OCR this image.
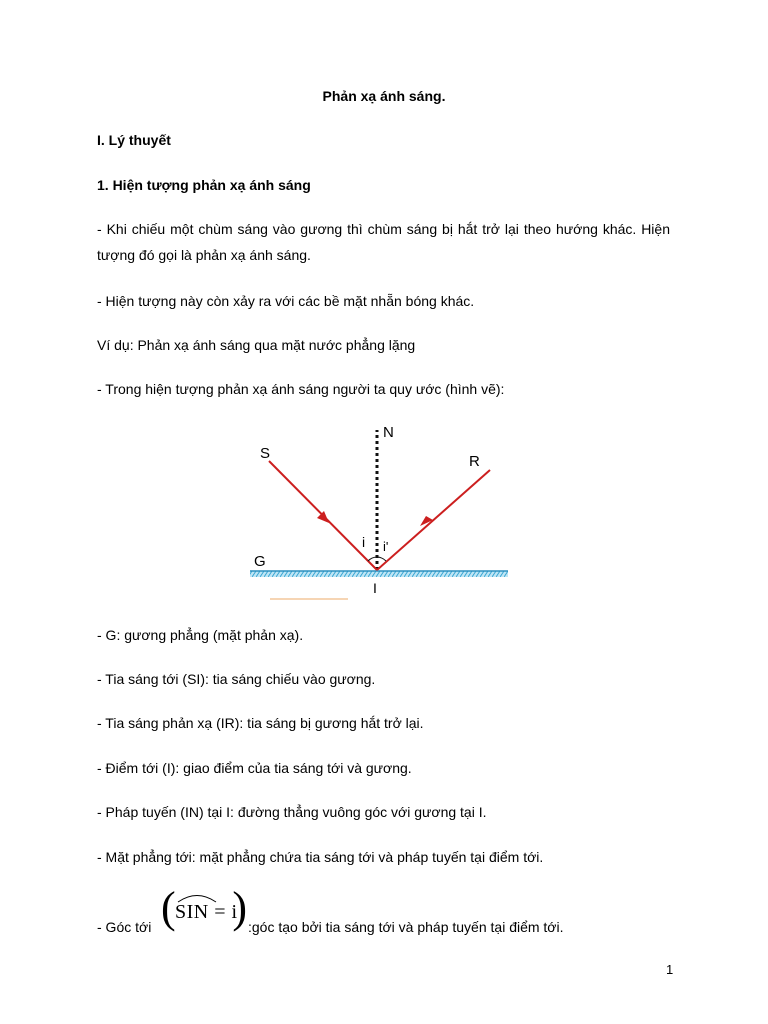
Phản xạ ánh sáng.
I. Lý thuyết
1. Hiện tượng phản xạ ánh sáng
- Khi chiếu một chùm sáng vào gương thì chùm sáng bị hắt trở lại theo hướng khác. Hiện tượng đó gọi là phản xạ ánh sáng.
- Hiện tượng này còn xảy ra với các bề mặt nhẵn bóng khác.
Ví dụ: Phản xạ ánh sáng qua mặt nước phẳng lặng
- Trong hiện tượng phản xạ ánh sáng người ta quy ước (hình vẽ):
S
N
R
G
I
i i'
- G: gương phẳng (mặt phản xạ).
- Tia sáng tới (SI): tia sáng chiếu vào gương.
- Tia sáng phản xạ (IR): tia sáng bị gương hắt trở lại.
- Điểm tới (I): giao điểm của tia sáng tới và gương.
- Pháp tuyến (IN) tại I: đường thẳng vuông góc với gương tại I.
- Mặt phẳng tới: mặt phẳng chứa tia sáng tới và pháp tuyến tại điểm tới.
- Góc tới ( SIN = i
) :góc tạo bởi tia sáng tới và pháp tuyến tại điểm tới.
1
